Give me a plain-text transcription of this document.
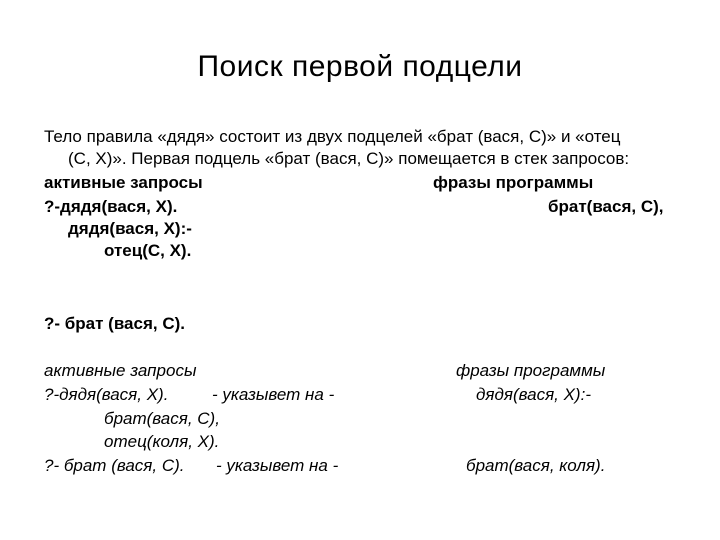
Поиск первой подцели
Тело правила «дядя» состоит из двух подцелей «брат (вася, С)» и «отец
(С, Х)». Первая подцель «брат (вася, С)» помещается в стек запросов:
активные запросы	фразы программы
?-дядя(вася, Х).	брат(вася, С),
дядя(вася, Х):-
отец(С, Х).
?- брат (вася, С).
активные запросы	фразы программы
?-дядя(вася, Х).	- указывет на -	дядя(вася, Х):-
брат(вася, С),
отец(коля, Х).
?- брат (вася, С). - указывет на -	брат(вася, коля).
